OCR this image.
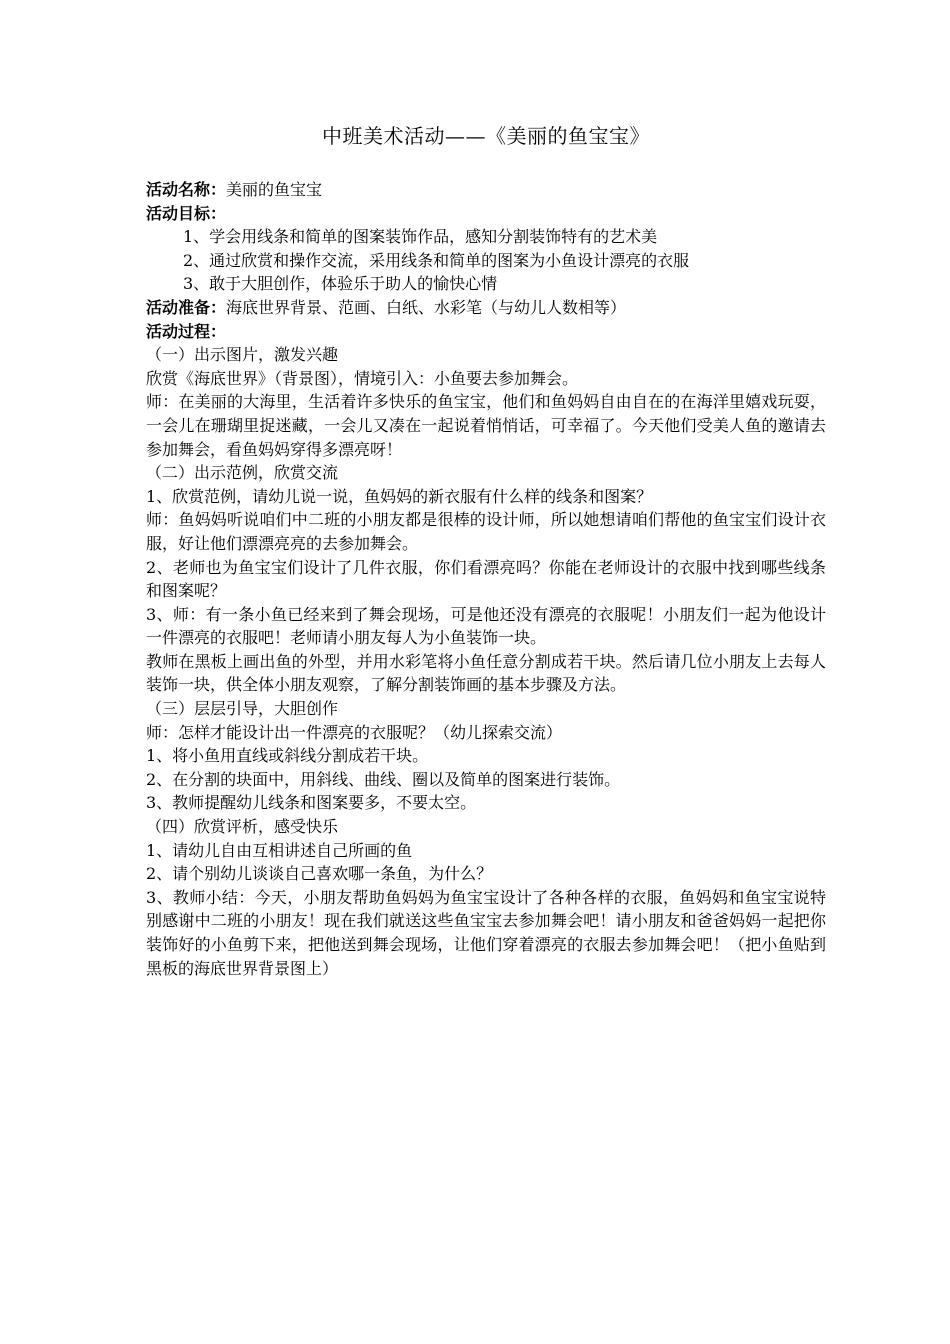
中班美术活动——《美丽的鱼宝宝》
活动名称：美丽的鱼宝宝
活动目标：
1、学会用线条和简单的图案装饰作品，感知分割装饰特有的艺术美
2、通过欣赏和操作交流，采用线条和简单的图案为小鱼设计漂亮的衣服
3、敢于大胆创作，体验乐于助人的愉快心情
活动准备：海底世界背景、范画、白纸、水彩笔（与幼儿人数相等）
活动过程：
（一）出示图片，激发兴趣
欣赏《海底世界》（背景图），情境引入：小鱼要去参加舞会。
师：在美丽的大海里，生活着许多快乐的鱼宝宝，他们和鱼妈妈自由自在的在海洋里嬉戏玩耍，一会儿在珊瑚里捉迷藏，一会儿又凑在一起说着悄悄话，可幸福了。今天他们受美人鱼的邀请去参加舞会，看鱼妈妈穿得多漂亮呀！
（二）出示范例，欣赏交流
1、欣赏范例，请幼儿说一说，鱼妈妈的新衣服有什么样的线条和图案？
师：鱼妈妈听说咱们中二班的小朋友都是很棒的设计师，所以她想请咱们帮他的鱼宝宝们设计衣服，好让他们漂漂亮亮的去参加舞会。
2、老师也为鱼宝宝们设计了几件衣服，你们看漂亮吗？你能在老师设计的衣服中找到哪些线条和图案呢？
3、师：有一条小鱼已经来到了舞会现场，可是他还没有漂亮的衣服呢！小朋友们一起为他设计一件漂亮的衣服吧！老师请小朋友每人为小鱼装饰一块。
教师在黑板上画出鱼的外型，并用水彩笔将小鱼任意分割成若干块。然后请几位小朋友上去每人装饰一块，供全体小朋友观察，了解分割装饰画的基本步骤及方法。
（三）层层引导，大胆创作
师：怎样才能设计出一件漂亮的衣服呢？（幼儿探索交流）
1、将小鱼用直线或斜线分割成若干块。
2、在分割的块面中，用斜线、曲线、圈以及简单的图案进行装饰。
3、教师提醒幼儿线条和图案要多，不要太空。
（四）欣赏评析，感受快乐
1、请幼儿自由互相讲述自己所画的鱼
2、请个别幼儿谈谈自己喜欢哪一条鱼，为什么？
3、教师小结：今天，小朋友帮助鱼妈妈为鱼宝宝设计了各种各样的衣服，鱼妈妈和鱼宝宝说特别感谢中二班的小朋友！现在我们就送这些鱼宝宝去参加舞会吧！请小朋友和爸爸妈妈一起把你装饰好的小鱼剪下来，把他送到舞会现场，让他们穿着漂亮的衣服去参加舞会吧！（把小鱼贴到黑板的海底世界背景图上）
